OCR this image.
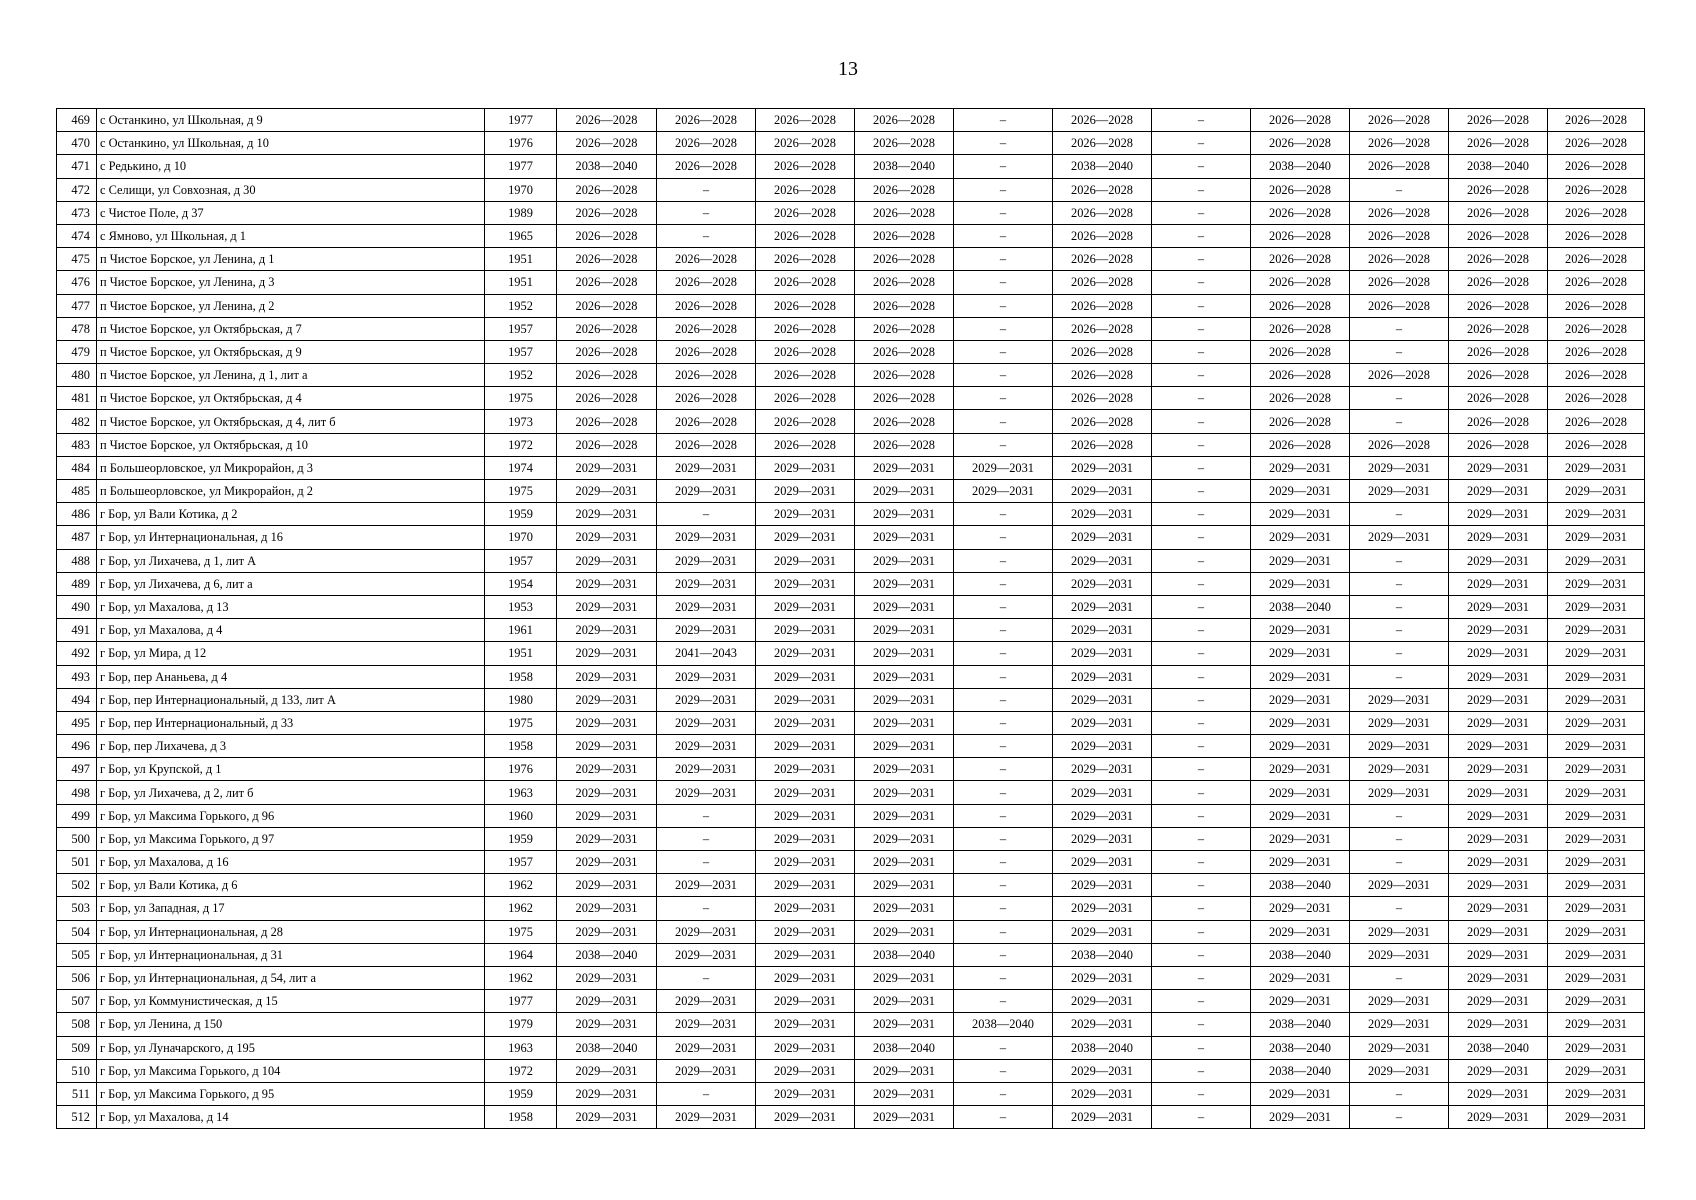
13
469	с Останкино, ул Школьная, д 9	1977	2026—2028	2026—2028	2026—2028	2026—2028	–	2026—2028	–	2026—2028	2026—2028	2026—2028	2026—2028
470	с Останкино, ул Школьная, д 10	1976	2026—2028	2026—2028	2026—2028	2026—2028	–	2026—2028	–	2026—2028	2026—2028	2026—2028	2026—2028
471	с Редькино, д 10	1977	2038—2040	2026—2028	2026—2028	2038—2040	–	2038—2040	–	2038—2040	2026—2028	2038—2040	2026—2028
472	с Селищи, ул Совхозная, д 30	1970	2026—2028	–	2026—2028	2026—2028	–	2026—2028	–	2026—2028	–	2026—2028	2026—2028
473	с Чистое Поле, д 37	1989	2026—2028	–	2026—2028	2026—2028	–	2026—2028	–	2026—2028	2026—2028	2026—2028	2026—2028
474	с Ямново, ул Школьная, д 1	1965	2026—2028	–	2026—2028	2026—2028	–	2026—2028	–	2026—2028	2026—2028	2026—2028	2026—2028
475	п Чистое Борское, ул Ленина, д 1	1951	2026—2028	2026—2028	2026—2028	2026—2028	–	2026—2028	–	2026—2028	2026—2028	2026—2028	2026—2028
476	п Чистое Борское, ул Ленина, д 3	1951	2026—2028	2026—2028	2026—2028	2026—2028	–	2026—2028	–	2026—2028	2026—2028	2026—2028	2026—2028
477	п Чистое Борское, ул Ленина, д 2	1952	2026—2028	2026—2028	2026—2028	2026—2028	–	2026—2028	–	2026—2028	2026—2028	2026—2028	2026—2028
478	п Чистое Борское, ул Октябрьская, д 7	1957	2026—2028	2026—2028	2026—2028	2026—2028	–	2026—2028	–	2026—2028	–	2026—2028	2026—2028
479	п Чистое Борское, ул Октябрьская, д 9	1957	2026—2028	2026—2028	2026—2028	2026—2028	–	2026—2028	–	2026—2028	–	2026—2028	2026—2028
480	п Чистое Борское, ул Ленина, д 1, лит а	1952	2026—2028	2026—2028	2026—2028	2026—2028	–	2026—2028	–	2026—2028	2026—2028	2026—2028	2026—2028
481	п Чистое Борское, ул Октябрьская, д 4	1975	2026—2028	2026—2028	2026—2028	2026—2028	–	2026—2028	–	2026—2028	–	2026—2028	2026—2028
482	п Чистое Борское, ул Октябрьская, д 4, лит б	1973	2026—2028	2026—2028	2026—2028	2026—2028	–	2026—2028	–	2026—2028	–	2026—2028	2026—2028
483	п Чистое Борское, ул Октябрьская, д 10	1972	2026—2028	2026—2028	2026—2028	2026—2028	–	2026—2028	–	2026—2028	2026—2028	2026—2028	2026—2028
484	п Большеорловское, ул Микрорайон, д 3	1974	2029—2031	2029—2031	2029—2031	2029—2031	2029—2031	2029—2031	–	2029—2031	2029—2031	2029—2031	2029—2031
485	п Большеорловское, ул Микрорайон, д 2	1975	2029—2031	2029—2031	2029—2031	2029—2031	2029—2031	2029—2031	–	2029—2031	2029—2031	2029—2031	2029—2031
486	г Бор, ул Вали Котика, д 2	1959	2029—2031	–	2029—2031	2029—2031	–	2029—2031	–	2029—2031	–	2029—2031	2029—2031
487	г Бор, ул Интернациональная, д 16	1970	2029—2031	2029—2031	2029—2031	2029—2031	–	2029—2031	–	2029—2031	2029—2031	2029—2031	2029—2031
488	г Бор, ул Лихачева, д 1, лит А	1957	2029—2031	2029—2031	2029—2031	2029—2031	–	2029—2031	–	2029—2031	–	2029—2031	2029—2031
489	г Бор, ул Лихачева, д 6, лит а	1954	2029—2031	2029—2031	2029—2031	2029—2031	–	2029—2031	–	2029—2031	–	2029—2031	2029—2031
490	г Бор, ул Махалова, д 13	1953	2029—2031	2029—2031	2029—2031	2029—2031	–	2029—2031	–	2038—2040	–	2029—2031	2029—2031
491	г Бор, ул Махалова, д 4	1961	2029—2031	2029—2031	2029—2031	2029—2031	–	2029—2031	–	2029—2031	–	2029—2031	2029—2031
492	г Бор, ул Мира, д 12	1951	2029—2031	2041—2043	2029—2031	2029—2031	–	2029—2031	–	2029—2031	–	2029—2031	2029—2031
493	г Бор, пер Ананьева, д 4	1958	2029—2031	2029—2031	2029—2031	2029—2031	–	2029—2031	–	2029—2031	–	2029—2031	2029—2031
494	г Бор, пер Интернациональный, д 133, лит А	1980	2029—2031	2029—2031	2029—2031	2029—2031	–	2029—2031	–	2029—2031	2029—2031	2029—2031	2029—2031
495	г Бор, пер Интернациональный, д 33	1975	2029—2031	2029—2031	2029—2031	2029—2031	–	2029—2031	–	2029—2031	2029—2031	2029—2031	2029—2031
496	г Бор, пер Лихачева, д 3	1958	2029—2031	2029—2031	2029—2031	2029—2031	–	2029—2031	–	2029—2031	2029—2031	2029—2031	2029—2031
497	г Бор, ул Крупской, д 1	1976	2029—2031	2029—2031	2029—2031	2029—2031	–	2029—2031	–	2029—2031	2029—2031	2029—2031	2029—2031
498	г Бор, ул Лихачева, д 2, лит б	1963	2029—2031	2029—2031	2029—2031	2029—2031	–	2029—2031	–	2029—2031	2029—2031	2029—2031	2029—2031
499	г Бор, ул Максима Горького, д 96	1960	2029—2031	–	2029—2031	2029—2031	–	2029—2031	–	2029—2031	–	2029—2031	2029—2031
500	г Бор, ул Максима Горького, д 97	1959	2029—2031	–	2029—2031	2029—2031	–	2029—2031	–	2029—2031	–	2029—2031	2029—2031
501	г Бор, ул Махалова, д 16	1957	2029—2031	–	2029—2031	2029—2031	–	2029—2031	–	2029—2031	–	2029—2031	2029—2031
502	г Бор, ул Вали Котика, д 6	1962	2029—2031	2029—2031	2029—2031	2029—2031	–	2029—2031	–	2038—2040	2029—2031	2029—2031	2029—2031
503	г Бор, ул Западная, д 17	1962	2029—2031	–	2029—2031	2029—2031	–	2029—2031	–	2029—2031	–	2029—2031	2029—2031
504	г Бор, ул Интернациональная, д 28	1975	2029—2031	2029—2031	2029—2031	2029—2031	–	2029—2031	–	2029—2031	2029—2031	2029—2031	2029—2031
505	г Бор, ул Интернациональная, д 31	1964	2038—2040	2029—2031	2029—2031	2038—2040	–	2038—2040	–	2038—2040	2029—2031	2029—2031	2029—2031
506	г Бор, ул Интернациональная, д 54, лит а	1962	2029—2031	–	2029—2031	2029—2031	–	2029—2031	–	2029—2031	–	2029—2031	2029—2031
507	г Бор, ул Коммунистическая, д 15	1977	2029—2031	2029—2031	2029—2031	2029—2031	–	2029—2031	–	2029—2031	2029—2031	2029—2031	2029—2031
508	г Бор, ул Ленина, д 150	1979	2029—2031	2029—2031	2029—2031	2029—2031	2038—2040	2029—2031	–	2038—2040	2029—2031	2029—2031	2029—2031
509	г Бор, ул Луначарского, д 195	1963	2038—2040	2029—2031	2029—2031	2038—2040	–	2038—2040	–	2038—2040	2029—2031	2038—2040	2029—2031
510	г Бор, ул Максима Горького, д 104	1972	2029—2031	2029—2031	2029—2031	2029—2031	–	2029—2031	–	2038—2040	2029—2031	2029—2031	2029—2031
511	г Бор, ул Максима Горького, д 95	1959	2029—2031	–	2029—2031	2029—2031	–	2029—2031	–	2029—2031	–	2029—2031	2029—2031
512	г Бор, ул Махалова, д 14	1958	2029—2031	2029—2031	2029—2031	2029—2031	–	2029—2031	–	2029—2031	–	2029—2031	2029—2031
